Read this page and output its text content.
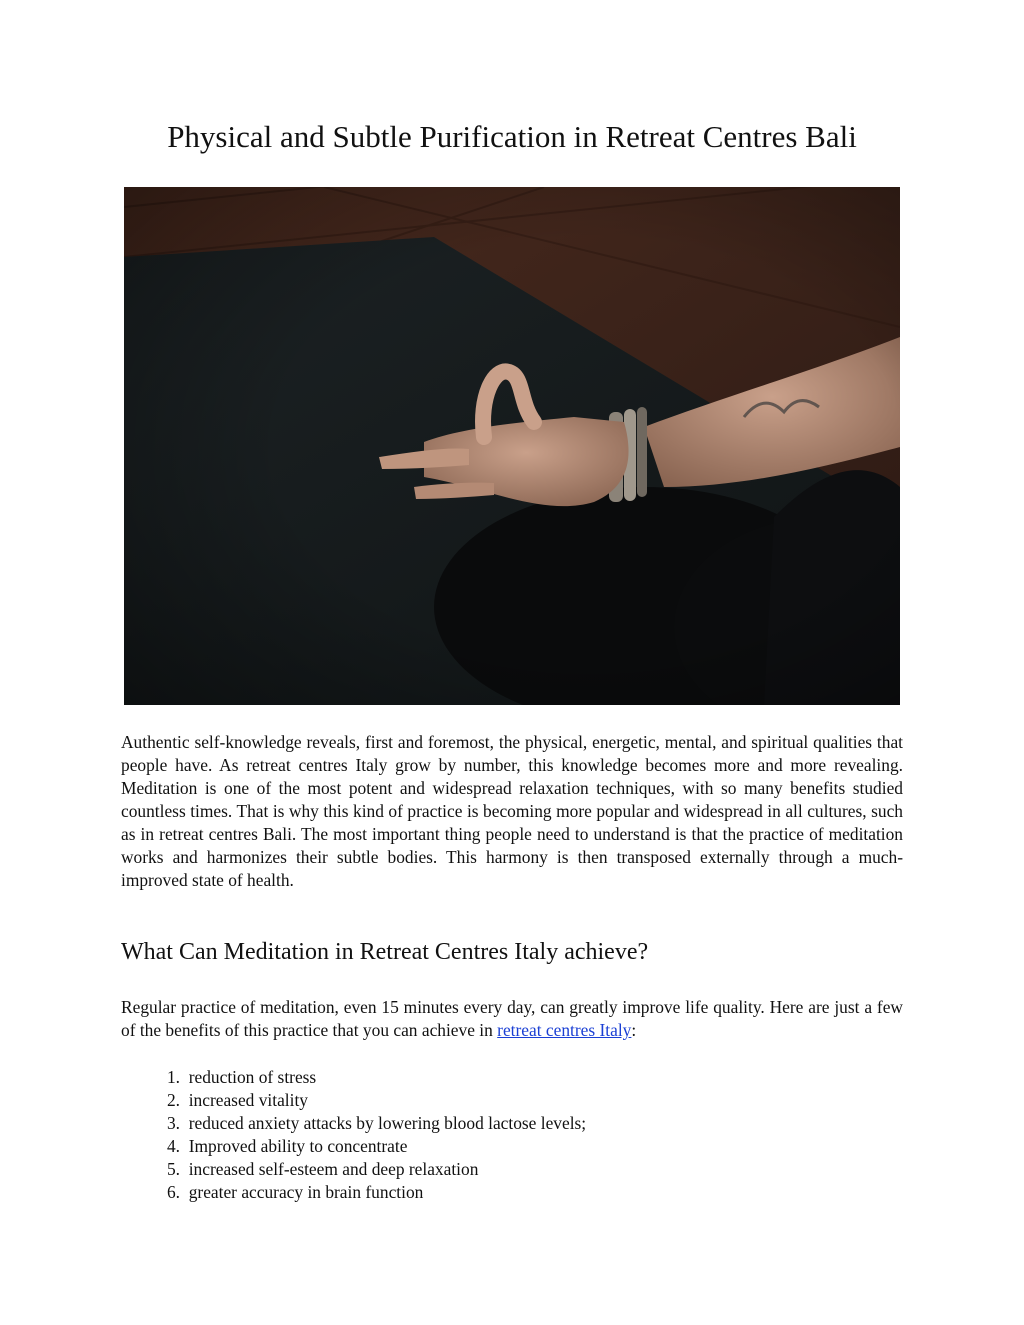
Physical and Subtle Purification in Retreat Centres Bali

Authentic self-knowledge reveals, first and foremost, the physical, energetic, mental, and spiritual qualities that people have. As retreat centres Italy grow by number, this knowledge becomes more and more revealing. Meditation is one of the most potent and widespread relaxation techniques, with so many benefits studied countless times. That is why this kind of practice is becoming more popular and widespread in all cultures, such as in retreat centres Bali. The most important thing people need to understand is that the practice of meditation works and harmonizes their subtle bodies. This harmony is then transposed externally through a much-improved state of health.

What Can Meditation in Retreat Centres Italy achieve?

Regular practice of meditation, even 15 minutes every day, can greatly improve life quality. Here are just a few of the benefits of this practice that you can achieve in retreat centres Italy:

1.
reduction of stress
2.
increased vitality
3.
reduced anxiety attacks by lowering blood lactose levels;
4.
Improved ability to concentrate
5.
increased self-esteem and deep relaxation
6.
greater accuracy in brain function
